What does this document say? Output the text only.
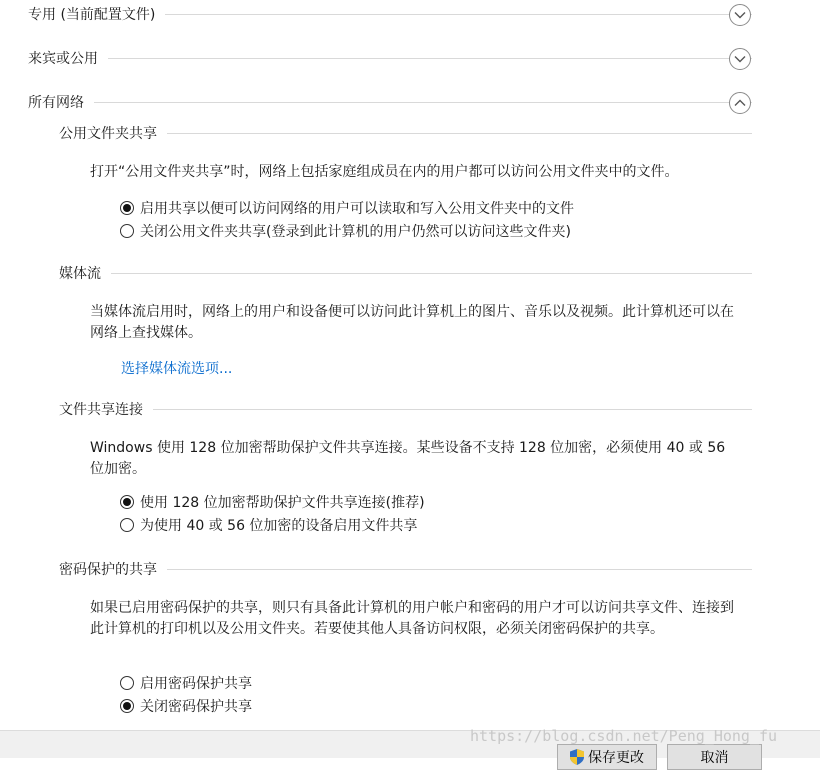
专用 (当前配置文件)
来宾或公用
所有网络
公用文件夹共享
打开“公用文件夹共享”时，网络上包括家庭组成员在内的用户都可以访问公用文件夹中的文件。
启用共享以便可以访问网络的用户可以读取和写入公用文件夹中的文件
关闭公用文件夹共享(登录到此计算机的用户仍然可以访问这些文件夹)
媒体流
当媒体流启用时，网络上的用户和设备便可以访问此计算机上的图片、音乐以及视频。此计算机还可以在网络上查找媒体。
选择媒体流选项...
文件共享连接
Windows 使用 128 位加密帮助保护文件共享连接。某些设备不支持 128 位加密，必须使用 40 或 56 位加密。
使用 128 位加密帮助保护文件共享连接(推荐)
为使用 40 或 56 位加密的设备启用文件共享
密码保护的共享
如果已启用密码保护的共享，则只有具备此计算机的用户帐户和密码的用户才可以访问共享文件、连接到此计算机的打印机以及公用文件夹。若要使其他人具备访问权限，必须关闭密码保护的共享。
启用密码保护共享
关闭密码保护共享
保存更改	取消
https://blog.csdn.net/Peng_Hong_fu
